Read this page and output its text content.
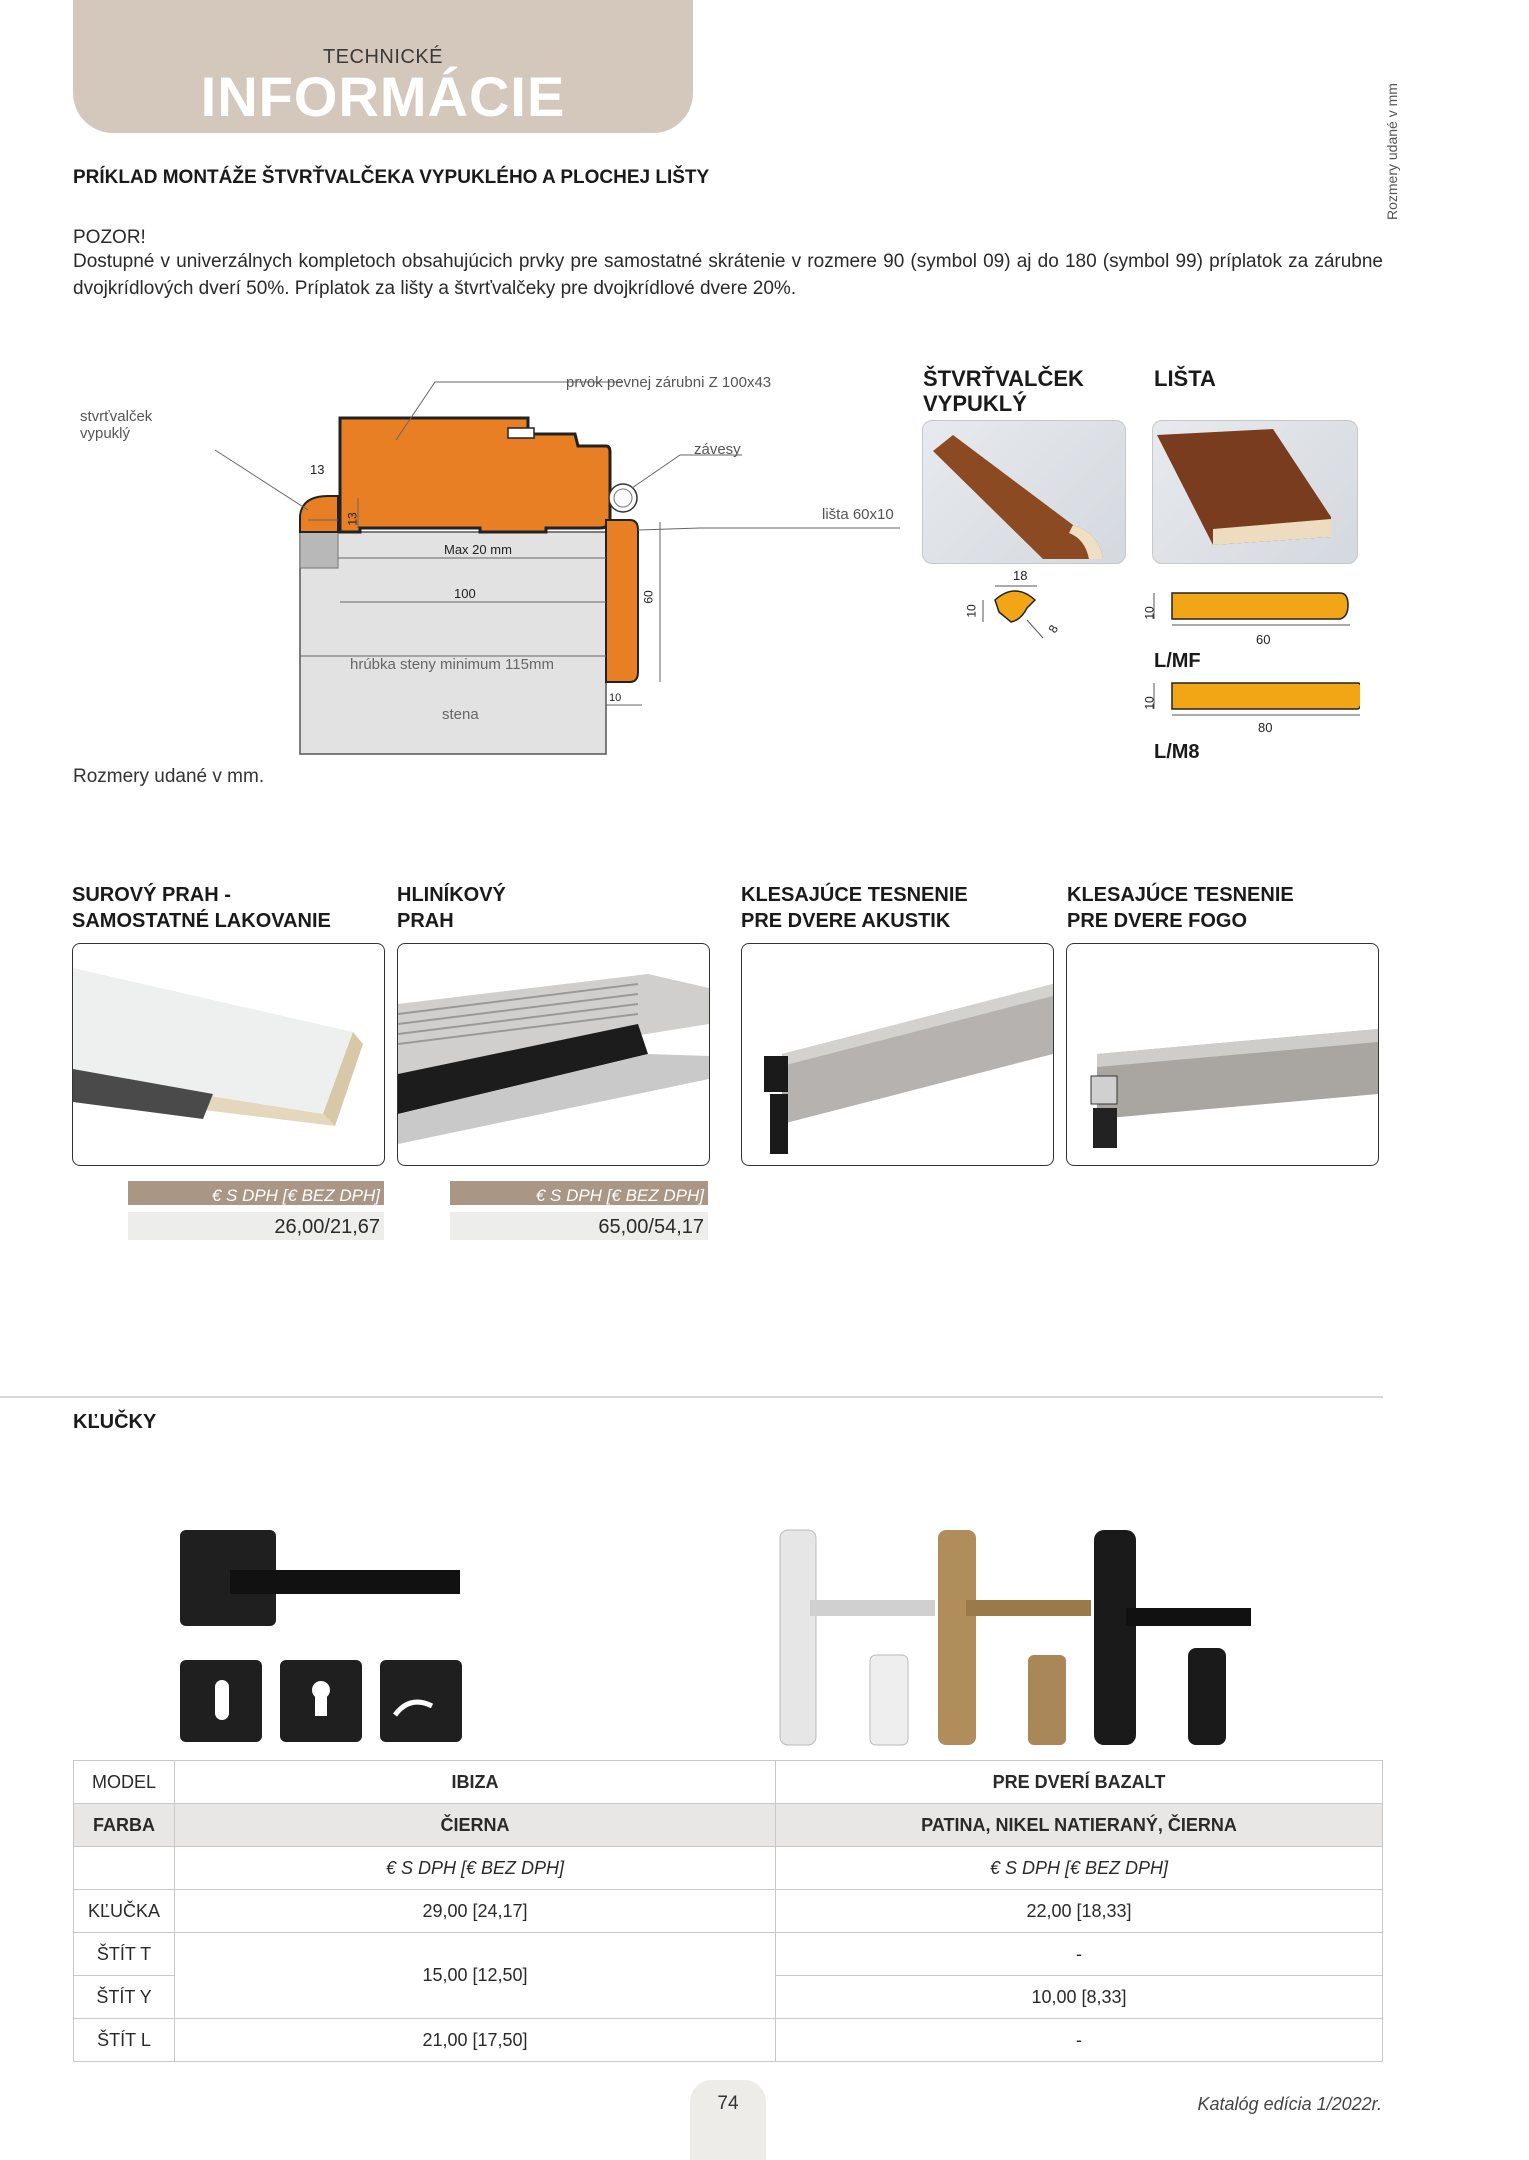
TECHNICKÉ
INFORMÁCIE	Rozmery udané v mm
PRÍKLAD MONTÁŽE ŠTVRŤVALČEKA VYPUKLÉHO A PLOCHEJ LIŠTY
POZOR!
Dostupné v univerzálnych kompletoch obsahujúcich prvky pre samostatné skrátenie v rozmere 90 (symbol 09) aj do 180 (symbol 99) príplatok za zárubne dvojkrídlových dverí 50%. Príplatok za lišty a štvrťvalčeky pre dvojkrídlové dvere 20%.
stvrťvalček
vypuklý
prvok pevnej zárubni Z 100x43
závesy
lišta 60x10
13
13
Max 20 mm
100	60
10
hrúbka steny minimum 115mm
stena
Rozmery udané v mm.
ŠTVRŤVALČEK
VYPUKLÝ
LIŠTA
18
10
8
10
60
L/MF
10
80
L/M8
SUROVÝ PRAH -
SAMOSTATNÉ LAKOVANIE
HLINÍKOVÝ
PRAH
KLESAJÚCE TESNENIE
PRE DVERE AKUSTIK
KLESAJÚCE TESNENIE
PRE DVERE FOGO
€ S DPH [€ BEZ DPH]
26,00/21,67
€ S DPH [€ BEZ DPH]
65,00/54,17
KĽUČKY
MODEL	IBIZA	PRE DVERÍ BAZALT
FARBA	ČIERNA	PATINA, NIKEL NATIERANÝ, ČIERNA
	€ S DPH [€ BEZ DPH]	€ S DPH [€ BEZ DPH]
KĽUČKA	29,00 [24,17]	22,00 [18,33]
ŠTÍT T	15,00 [12,50]	-
ŠTÍT Y		10,00 [8,33]
ŠTÍT L	21,00 [17,50]	-
74	Katalóg edícia 1/2022r.
